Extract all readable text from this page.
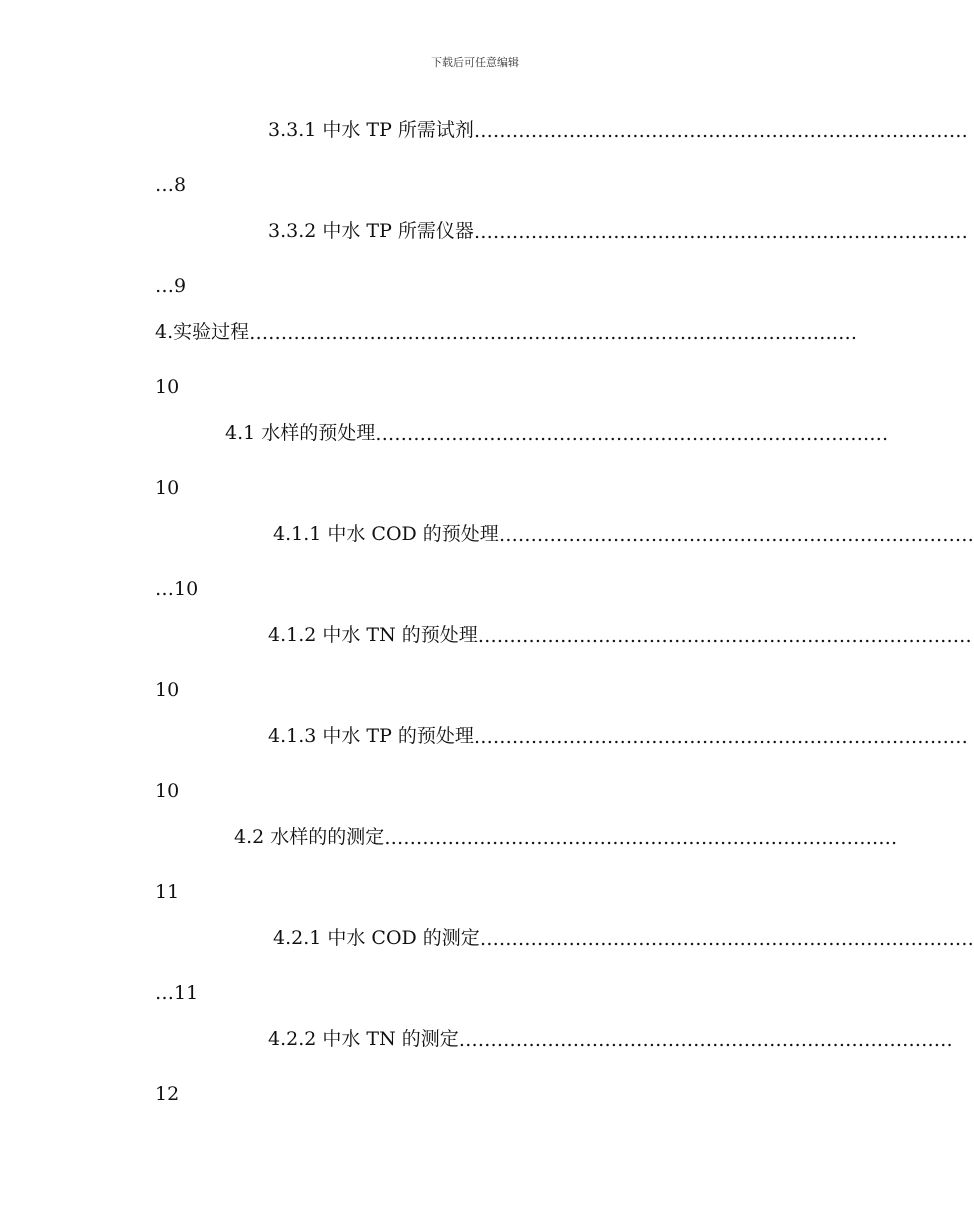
下载后可任意编辑
3.3.1 中水 TP 所需试剂 ……………………………………………………………………
…8
3.3.2 中水 TP 所需仪器 ……………………………………………………………………
…9
4.实验过程 ……………………………………………………………………………………
10
4.1 水样的预处理 ………………………………………………………………………
10
4.1.1 中水 COD 的预处理 …………………………………………………………………
…10
4.1.2 中水 TN 的预处理 ……………………………………………………………………
10
4.1.3 中水 TP 的预处理 ……………………………………………………………………
10
4.2 水样的的测定 ………………………………………………………………………
11
4.2.1 中水 COD 的测定 ……………………………………………………………………
…11
4.2.2 中水 TN 的测定 ……………………………………………………………………
12
